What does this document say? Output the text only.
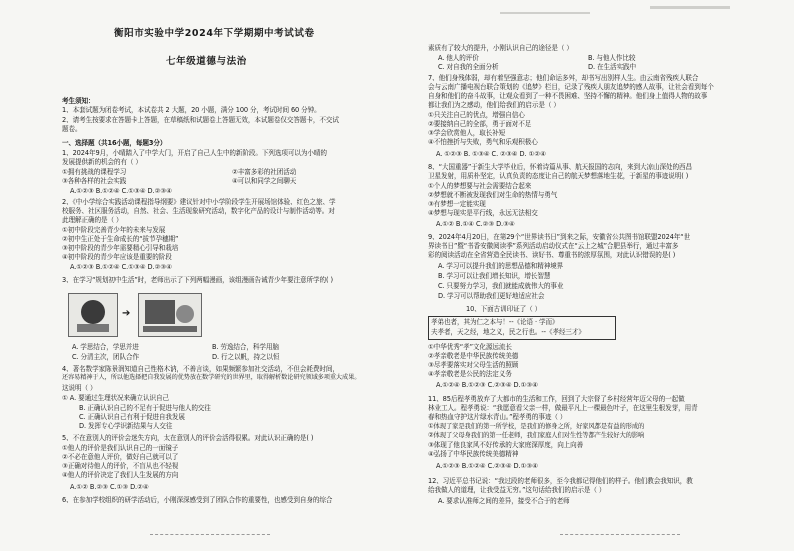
衡阳市实验中学2024年下学期期中考试试卷
七年级道德与法治
考生须知：
1、本套试题为闭卷考试，本试卷共 2 大题，20 小题，满分 100 分，考试时间 60 分钟。
2、请考生按要求在答题卡上答题，在草稿纸和试题卷上答题无效，本试题卷仅交答题卡，不交试
题卷。
一、选择题（共16小题，每题3分）
1、2024年9月，小晴踏入了中学大门，开启了自己人生中的新阶段。下列选项可以为小晴的
发展提供新的机会的有（ ）
①拥有挑战的课程学习	②丰富多彩的社团活动
③各种各样的社会实践	④可以和同学之间聊天
A.①②③ B.①②④ C.①③④ D.②③④
2、《中小学综合实践活动课程指导纲要》建议针对中小学阶段学生开展场馆体验、红色之旅、学
校服务、社区服务活动，自然、社会、生活现象研究活动，数字化产品的设计与制作活动等。对
此理解正确的是（ ）
①初中阶段完善青少年的未来与发展
②初中生正处于生命成长的“拔节孕穗期”
③初中阶段的青少年需要精心引导和栽培
④初中阶段的青少年应该是重要的阶段
A.①②③ B.①②④ C.①③④ D.②③④
3、在学习“规划初中生活”时，老师出示了下列两幅漫画，该组漫画告诫青少年要注意所学的( )
➔
A. 学思结合，学思并进	B. 劳逸结合，科学用脑
C. 分清主次，团队合作	D. 行之以帆，持之以恒
4、著名数学家陈景润知道自己性格木讷，不善言谈，如果频繁参加社交活动，不但会耗费时间，
还容易精神于人，所以他选择把自我发展的优势放在数学研究的世界里，取得解析数论研究领域多项重大成果。
这说明（ ）
① A. 要通过生理状况来确立认识自己
B. 正确认识自己的不足有于促进与他人的交往
C. 正确认识自己有利于促进自我发展
D. 发挥专心学识新结果与人交往
5、不在意别人的评价会迷失方向，太在意别人的评价会活得很累。对此认识正确的是( )
①他人的评价是我们认识自己的一面镜子
②不必在意他人评价，做好自己就可以了
③正确对待他人的评价，不盲从也不轻视
④他人的评价决定了我们人生发展的方向
A.①② B.②③ C.①③ D.②④
6、在参加学校组织的研学活动后，小刚深深感受到了团队合作的重要性，也感受到自身的综合
素质有了较大的提升，小刚认识自己的途径是（ ）
A. 他人的评价	B. 与他人作比较
C. 对自我的全面分析	D. 在生活实践中
7、他们身残体弱，却有着坚强意志；他们命运多舛，却书写出别样人生。由云南省残疾人联合
会与云南广播电视台联合策划的《追梦》栏目，记录了残疾人朋友追梦的感人故事，让社会看到每个
自身和他们的奋斗故事，让观众看到了一种不畏困难、坚持不懈的精神。他们身上值得人物的故事
都让我们为之感动，他们给我们的启示是（ ）
①只关注自己的优点，增强自信心
②要接纳自己的全部，勇于面对不足
③学会欣赏他人，取长补短
④不怕挫折与失败，勇气和乐观积极心
A. ①②③ B. ①③④ C. ②③④ D. ①②④
8、“大国重器”于新生大学毕业后，怀着诗篇从事、航天报国的志向，来到大凉山深处的西昌
卫星发射，用质朴坚定，认真负责的态度让自己的航天梦想落地生花，于新星的事迹说明( )
①个人的梦想要与社会需要结合起来
②梦想就不断被发现我们对生命的热情与勇气
③有梦想一定能实现
④梦想与现实是平行线，永远无法相交
A.①② B.①④ C.②③ D.③④
9、2024年4月20日，在第29个“世界读书日”到来之际，安徽省公共图书馆联盟2024年“世
界读书日”暨“书香安徽阅读季”系列活动启动仪式在“云上之城”合肥县举行，通过丰富多
彩的阅读活动在全省营造全民读书、读好书、尊重书的浓厚氛围，对此认识错误的是( )
A. 学习可以提升我们的思想品德和精神境界
B. 学习可以让我们增长知识，增长智慧
C. 只要努力学习，我们就能成就伟大的事业
D. 学习可以帮助我们更好地适应社会
10、下面古训印证了（ ）
孝弟也者，其为仁之本与！--《论语 · 学而》
夫孝者，天之经，地之义，民之行也。--《孝经三才》
①中华优秀“孝”文化源远流长
②孝亲敬老是中华民族传统美德
③尽孝要落实对父母生活的照顾
④孝亲敬老是公民的法定义务
A.①②④ B.①②③ C.②③④ D.①③④
11、85后程孝勇放弃了大都市的生活和工作，回到了大宗督了乡村经营年迈父母的一起做
林业工人。程孝勇说：“我愿意看父亲一样，做最平凡上一棵最色叶子，在这里生根发芽，用青
春和热血守护这片绿水青山。”程孝勇的事迹（ ）
①体现了家是我们的第一所学校，是我们的修身之所，好家风都是有益的形成的
②体现了父母身我们的第一任老师，我们家庭人们对生性等都产生较好大的影响
③体现了他良家风不好传承的大家庭深厚度，向上向善
④弘扬了中华民族传统美德精神
A.①②③ B.①②④ C.②③④ D.①③④
12、习近平总书记说：“我过段的老师很多，至今我都记得他们的样子。他们教会我知识，教
给我做人的道理，让我受益无穷。”这句话给我们的启示是（ ）
A. 要求认准师之间的差异，接受不合于的老师
